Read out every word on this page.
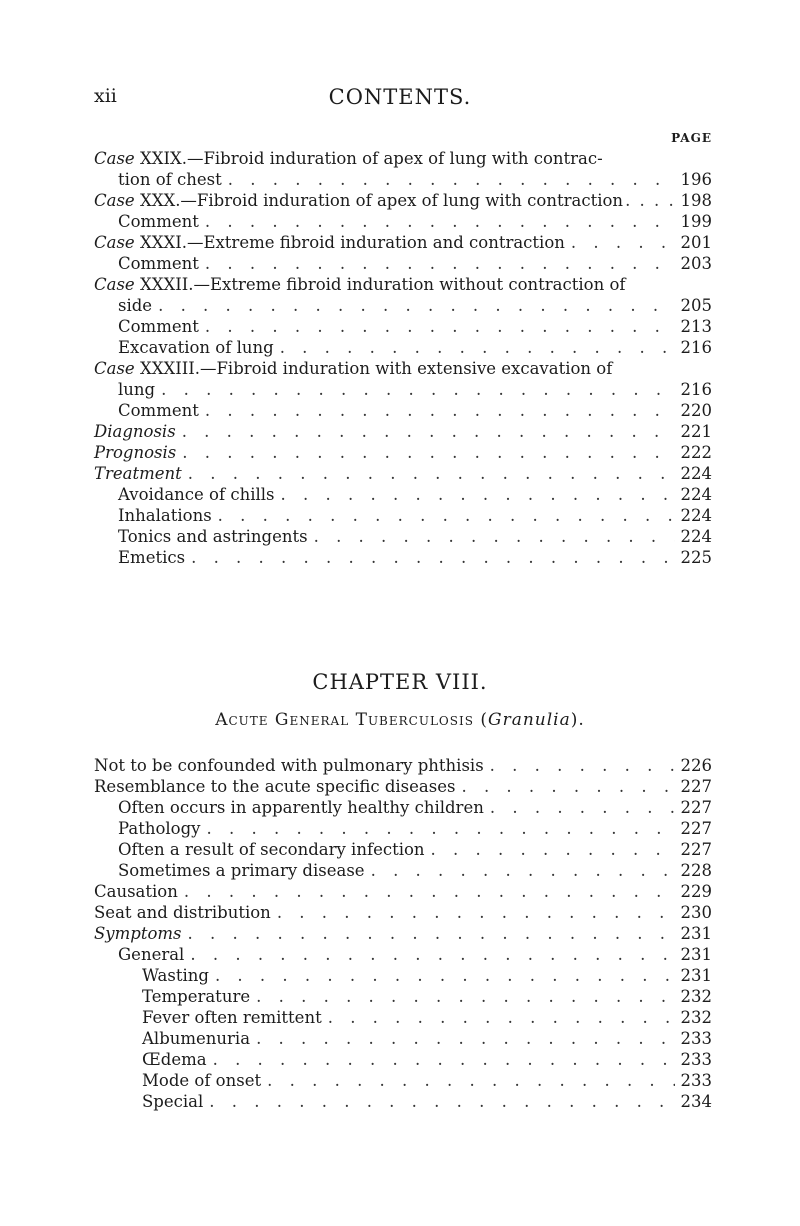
xii	CONTENTS.
PAGE
Case XXIX.—Fibroid induration of apex of lung with contrac-
tion of chest . . .	196
Case XXX.—Fibroid induration of apex of lung with contraction . . .	198
Comment . . .	199
Case XXXI.—Extreme fibroid induration and contraction . . .	201
Comment . . .	203
Case XXXII.—Extreme fibroid induration without contraction of
side . . .	205
Comment . . .	213
Excavation of lung . . .	216
Case XXXIII.—Fibroid induration with extensive excavation of
lung . . .	216
Comment . . .	220
Diagnosis . . .	221
Prognosis . . .	222
Treatment . . .	224
Avoidance of chills . . .	224
Inhalations . . .	224
Tonics and astringents . . .	224
Emetics . . .	225
CHAPTER VIII.
Acute General Tuberculosis (Granulia).
Not to be confounded with pulmonary phthisis . . .	226
Resemblance to the acute specific diseases . . .	227
Often occurs in apparently healthy children . . .	227
Pathology . . .	227
Often a result of secondary infection . . .	227
Sometimes a primary disease . . .	228
Causation . . .	229
Seat and distribution . . .	230
Symptoms . . .	231
General . . .	231
Wasting . . .	231
Temperature . . .	232
Fever often remittent . . .	232
Albumenuria . . .	233
Œdema . . .	233
Mode of onset . . .	233
Special . . .	234
